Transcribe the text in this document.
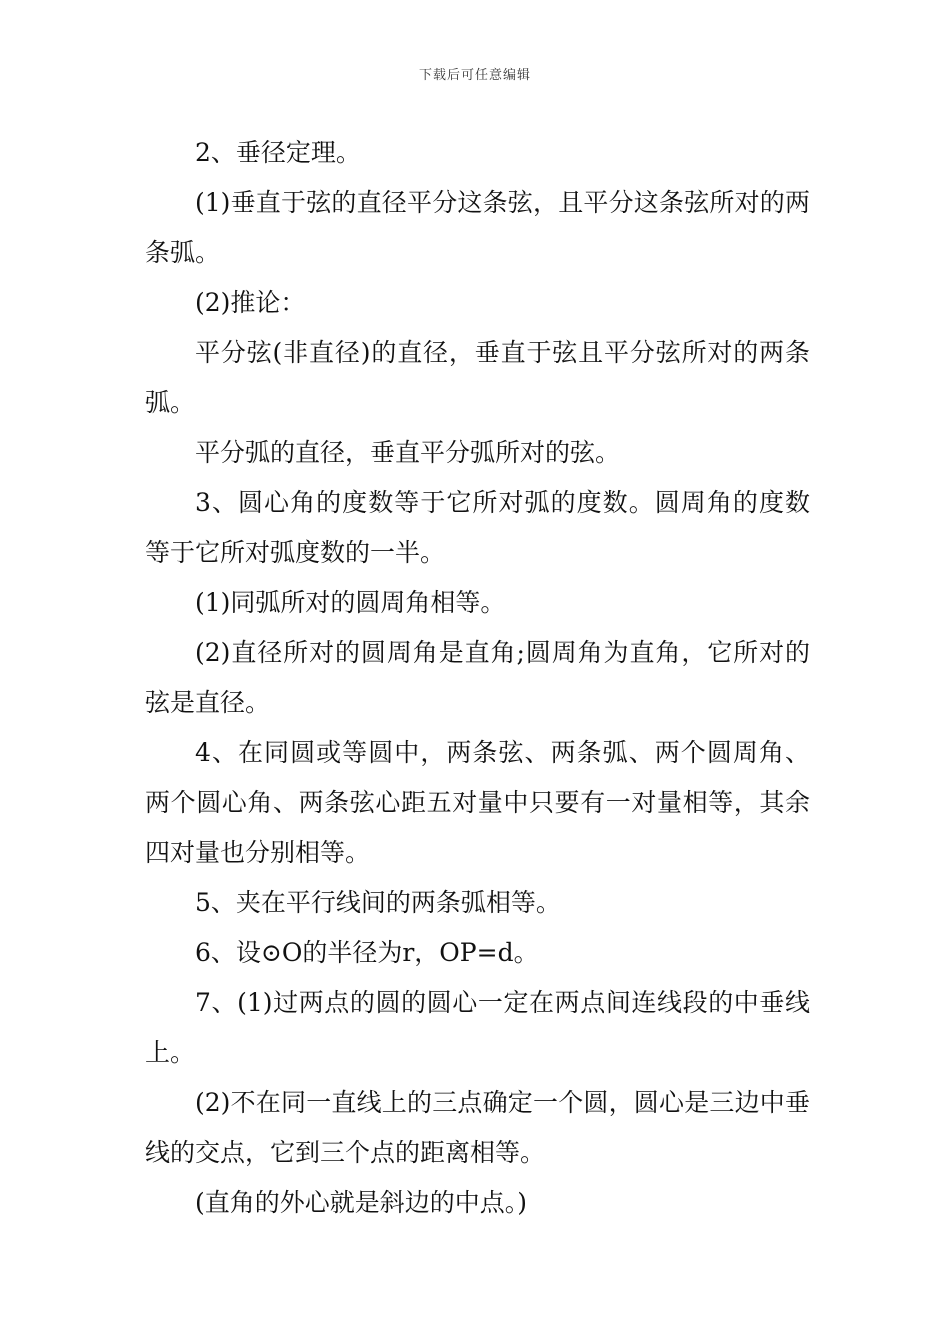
下载后可任意编辑

2、垂径定理。

(1)垂直于弦的直径平分这条弦，且平分这条弦所对的两条弧。

(2)推论：

平分弦(非直径)的直径，垂直于弦且平分弦所对的两条弧。

平分弧的直径，垂直平分弧所对的弦。

3、圆心角的度数等于它所对弧的度数。圆周角的度数等于它所对弧度数的一半。

(1)同弧所对的圆周角相等。

(2)直径所对的圆周角是直角;圆周角为直角，它所对的弦是直径。

4、在同圆或等圆中，两条弦、两条弧、两个圆周角、两个圆心角、两条弦心距五对量中只要有一对量相等，其余四对量也分别相等。

5、夹在平行线间的两条弧相等。

6、设⊙O的半径为r，OP=d。

7、(1)过两点的圆的圆心一定在两点间连线段的中垂线上。

(2)不在同一直线上的三点确定一个圆，圆心是三边中垂线的交点，它到三个点的距离相等。

(直角的外心就是斜边的中点。)
